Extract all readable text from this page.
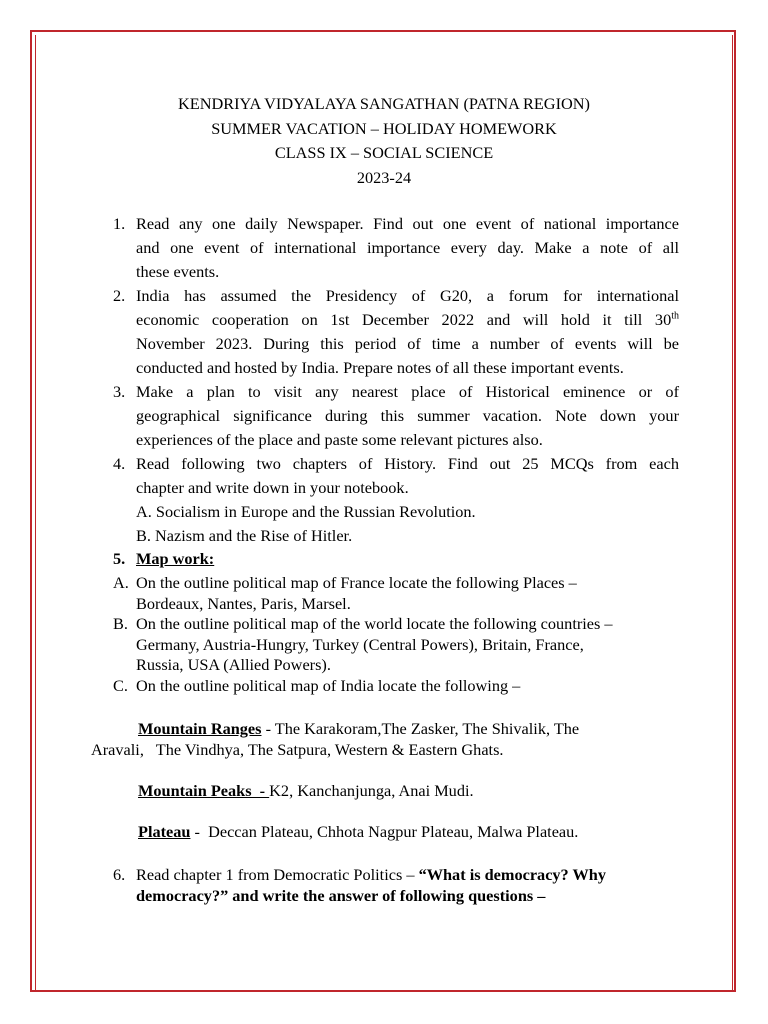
KENDRIYA VIDYALAYA SANGATHAN (PATNA REGION)
SUMMER VACATION – HOLIDAY HOMEWORK
CLASS IX – SOCIAL SCIENCE
2023-24
1. Read any one daily Newspaper. Find out one event of national importance
and one event of international importance every day. Make a note of all
these events.
2. India has assumed the Presidency of G20, a forum for international
economic cooperation on 1st December 2022 and will hold it till 30th
November 2023. During this period of time a number of events will be
conducted and hosted by India. Prepare notes of all these important events.
3. Make a plan to visit any nearest place of Historical eminence or of
geographical significance during this summer vacation. Note down your
experiences of the place and paste some relevant pictures also.
4. Read following two chapters of History. Find out 25 MCQs from each
chapter and write down in your notebook.
A. Socialism in Europe and the Russian Revolution.
B. Nazism and the Rise of Hitler.
5. Map work:
A. On the outline political map of France locate the following Places –
Bordeaux, Nantes, Paris, Marsel.
B. On the outline political map of the world locate the following countries –
Germany, Austria-Hungry, Turkey (Central Powers), Britain, France,
Russia, USA (Allied Powers).
C. On the outline political map of India locate the following –
Mountain Ranges - The Karakoram,The Zasker, The Shivalik, The
Aravali,   The Vindhya, The Satpura, Western & Eastern Ghats.
Mountain Peaks  - K2, Kanchanjunga, Anai Mudi.
Plateau -  Deccan Plateau, Chhota Nagpur Plateau, Malwa Plateau.
6. Read chapter 1 from Democratic Politics – “What is democracy? Why
democracy?” and write the answer of following questions –
